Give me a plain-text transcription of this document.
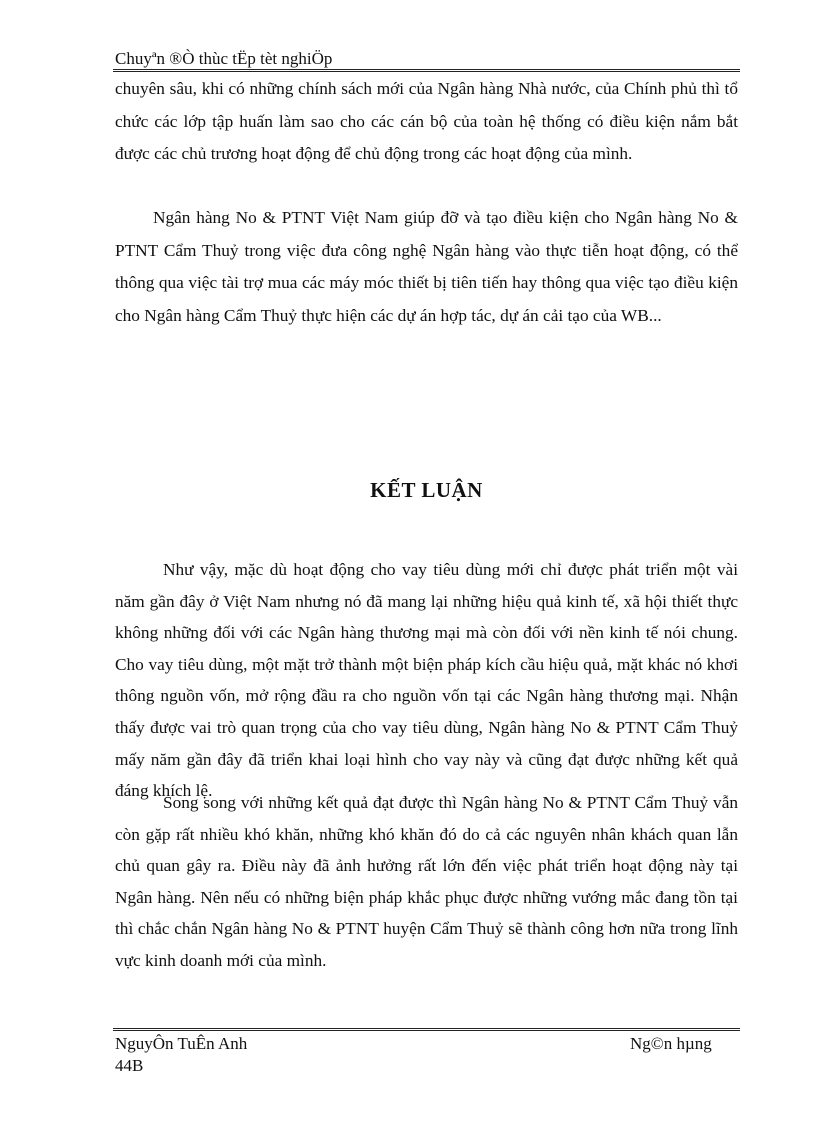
Chuyªn ®Ò thùc tËp tèt nghiÖp

chuyên sâu, khi có những chính sách mới của Ngân hàng Nhà nước, của Chính phủ thì tổ chức các lớp tập huấn làm sao cho các cán bộ của toàn hệ thống có điều kiện nắm bắt được các chủ trương hoạt động để chủ động trong các hoạt động của mình.

Ngân hàng No & PTNT Việt Nam giúp đỡ và tạo điều kiện cho Ngân hàng No & PTNT Cẩm Thuỷ trong việc đưa công nghệ Ngân hàng vào thực tiễn hoạt động, có thể thông qua việc tài trợ mua các máy móc thiết bị tiên tiến hay thông qua việc tạo điều kiện cho Ngân hàng Cẩm Thuỷ thực hiện các dự án hợp tác, dự án cải tạo của WB...

KẾT LUẬN

Như vậy, mặc dù hoạt động cho vay tiêu dùng mới chỉ được phát triển một vài năm gần đây ở Việt Nam nhưng nó đã mang lại những hiệu quả kinh tế, xã hội thiết thực không những đối với các Ngân hàng thương mại mà còn đối với nền kinh tế nói chung. Cho vay tiêu dùng, một mặt trở thành một biện pháp kích cầu hiệu quả, mặt khác nó khơi thông nguồn vốn, mở rộng đầu ra cho nguồn vốn tại các Ngân hàng thương mại. Nhận thấy được vai trò quan trọng của cho vay tiêu dùng, Ngân hàng No & PTNT Cẩm Thuỷ mấy năm gần đây đã triển khai loại hình cho vay này và cũng đạt được những kết quả đáng khích lệ.

Song song với những kết quả đạt được thì Ngân hàng No & PTNT Cẩm Thuỷ vẫn còn gặp rất nhiều khó khăn, những khó khăn đó do cả các nguyên nhân khách quan lẫn chủ quan gây ra. Điều này đã ảnh hưởng rất lớn đến việc phát triển hoạt động này tại Ngân hàng. Nên nếu có những biện pháp khắc phục được những vướng mắc đang tồn tại thì chắc chắn Ngân hàng No & PTNT huyện Cẩm Thuỷ sẽ thành công hơn nữa trong lĩnh vực kinh doanh mới của mình.

NguyÔn TuÊn Anh
44B
Ng©n hµng
